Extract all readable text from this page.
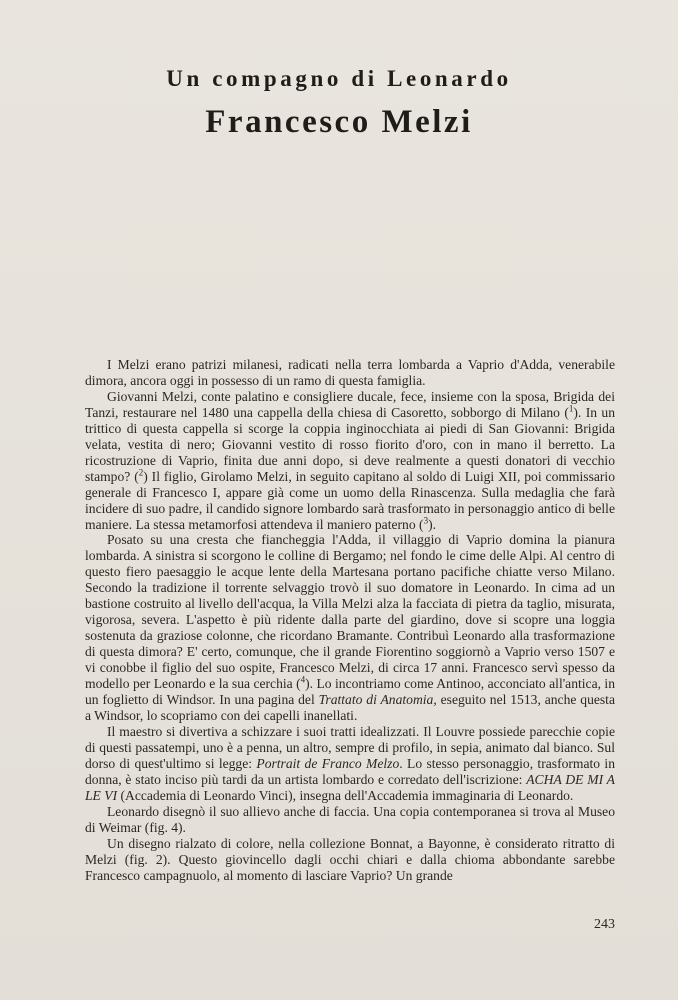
Un compagno di Leonardo
Francesco Melzi

I Melzi erano patrizi milanesi, radicati nella terra lombarda a Vaprio d'Adda, venerabile dimora, ancora oggi in possesso di un ramo di questa famiglia.

Giovanni Melzi, conte palatino e consigliere ducale, fece, insieme con la sposa, Brigida dei Tanzi, restaurare nel 1480 una cappella della chiesa di Casoretto, sobborgo di Milano ($^1$). In un trittico di questa cappella si scorge la coppia inginocchiata ai piedi di San Giovanni: Brigida velata, vestita di nero; Giovanni vestito di rosso fiorito d'oro, con in mano il berretto. La ricostruzione di Vaprio, finita due anni dopo, si deve realmente a questi donatori di vecchio stampo? ($^2$) Il figlio, Girolamo Melzi, in seguito capitano al soldo di Luigi XII, poi commissario generale di Francesco I, appare già come un uomo della Rinascenza. Sulla medaglia che farà incidere di suo padre, il candido signore lombardo sarà trasformato in personaggio antico di belle maniere. La stessa metamorfosi attendeva il maniero paterno ($^3$).

Posato su una cresta che fiancheggia l'Adda, il villaggio di Vaprio domina la pianura lombarda. A sinistra si scorgono le colline di Bergamo; nel fondo le cime delle Alpi. Al centro di questo fiero paesaggio le acque lente della Martesana portano pacifiche chiatte verso Milano. Secondo la tradizione il torrente selvaggio trovò il suo domatore in Leonardo. In cima ad un bastione costruito al livello dell'acqua, la Villa Melzi alza la facciata di pietra da taglio, misurata, vigorosa, severa. L'aspetto è più ridente dalla parte del giardino, dove si scopre una loggia sostenuta da graziose colonne, che ricordano Bramante. Contribuì Leonardo alla trasformazione di questa dimora? E' certo, comunque, che il grande Fiorentino soggiornò a Vaprio verso 1507 e vi conobbe il figlio del suo ospite, Francesco Melzi, di circa 17 anni. Francesco servì spesso da modello per Leonardo e la sua cerchia ($^4$). Lo incontriamo come Antinoo, acconciato all'antica, in un foglietto di Windsor. In una pagina del Trattato di Anatomia, eseguito nel 1513, anche questa a Windsor, lo scopriamo con dei capelli inanellati.

Il maestro si divertiva a schizzare i suoi tratti idealizzati. Il Louvre possiede parecchie copie di questi passatempi, uno è a penna, un altro, sempre di profilo, in sepia, animato dal bianco. Sul dorso di quest'ultimo si legge: Portrait de Franco Melzo. Lo stesso personaggio, trasformato in donna, è stato inciso più tardi da un artista lombardo e corredato dell'iscrizione: ACHA DE MI A LE VI (Accademia di Leonardo Vinci), insegna dell'Accademia immaginaria di Leonardo.

Leonardo disegnò il suo allievo anche di faccia. Una copia contemporanea si trova al Museo di Weimar (fig. 4).

Un disegno rialzato di colore, nella collezione Bonnat, a Bayonne, è considerato ritratto di Melzi (fig. 2). Questo giovincello dagli occhi chiari e dalla chioma abbondante sarebbe Francesco campagnuolo, al momento di lasciare Vaprio? Un grande

243
